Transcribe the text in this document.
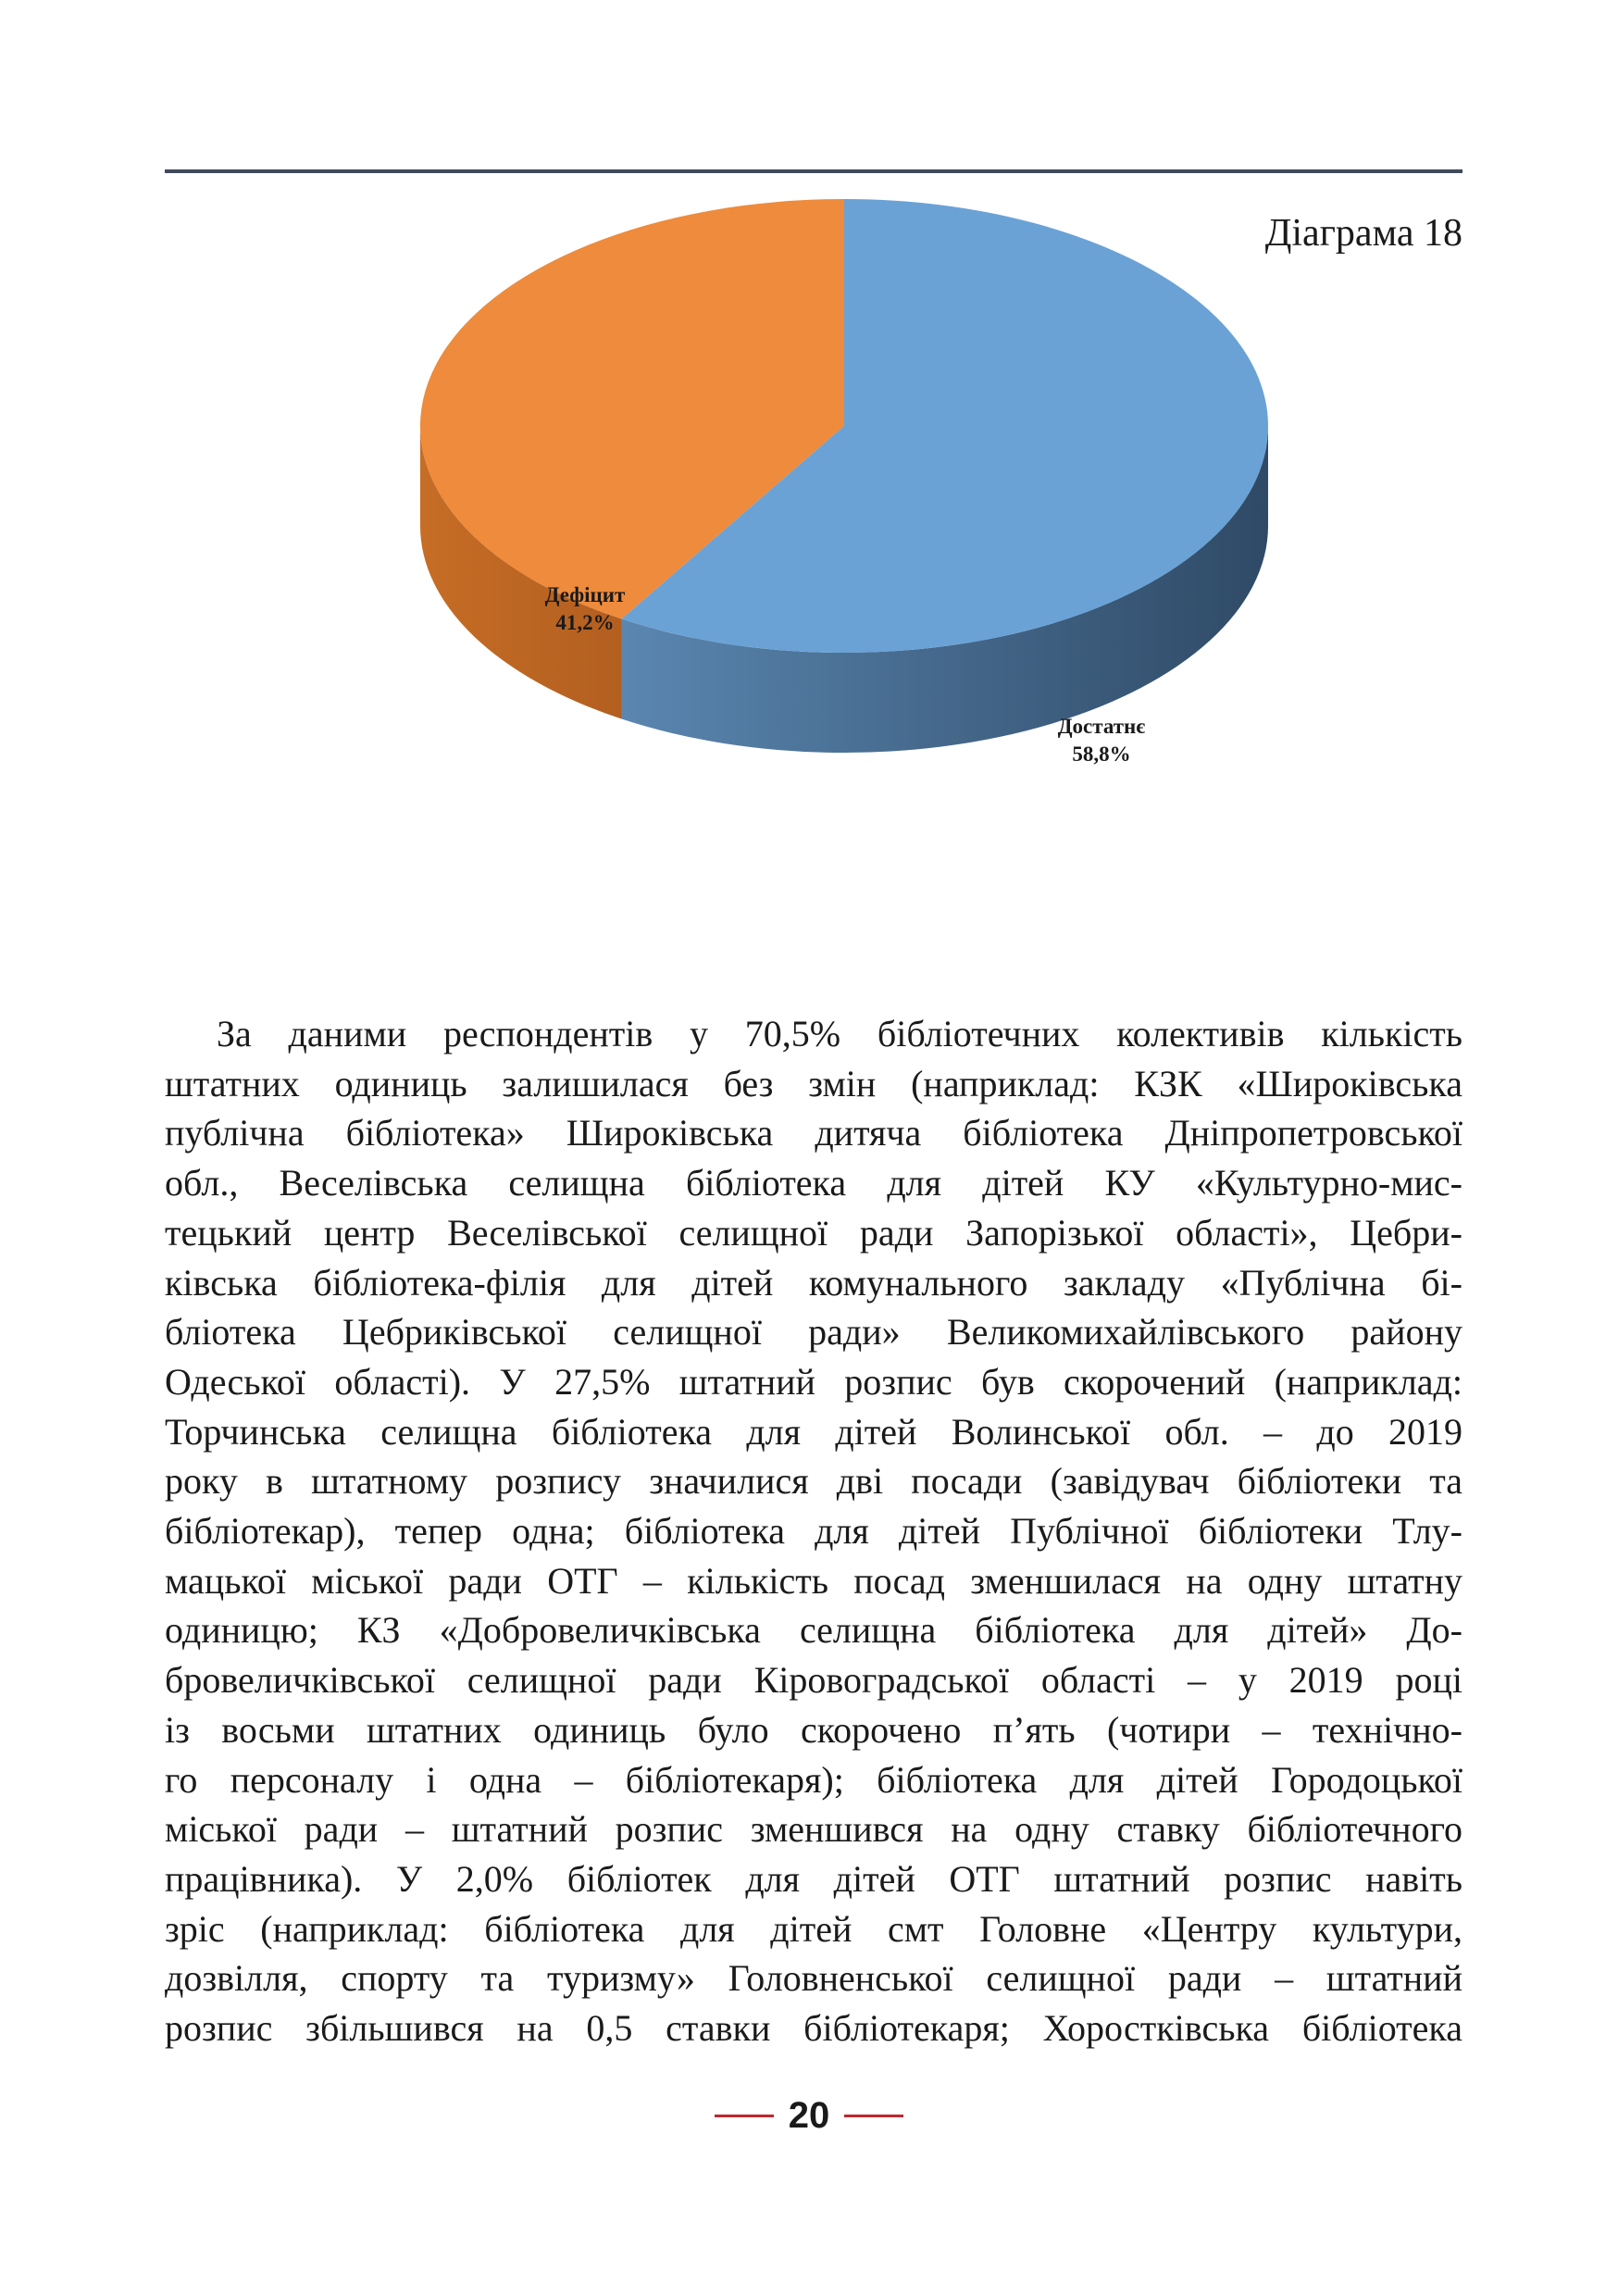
Діаграма 18
Достатнє
58,8%
Дефіцит
41,2%
За даними респондентів у 70,5% бібліотечних колективів кількість
штатних одиниць залишилася без змін (наприклад: КЗК «Широківська
публічна бібліотека» Широківська дитяча бібліотека Дніпропетровської
обл., Веселівська селищна бібліотека для дітей КУ «Культурно-мис-
тецький центр Веселівської селищної ради Запорізької області», Цебри-
ківська бібліотека-філія для дітей комунального закладу «Публічна бі-
бліотека Цебриківської селищної ради» Великомихайлівського району
Одеської області). У 27,5% штатний розпис був скорочений (наприклад:
Торчинська селищна бібліотека для дітей Волинської обл. – до 2019
року в штатному розпису значилися дві посади (завідувач бібліотеки та
бібліотекар), тепер одна; бібліотека для дітей Публічної бібліотеки Тлу-
мацької міської ради ОТГ – кількість посад зменшилася на одну штатну
одиницю; КЗ «Добровеличківська селищна бібліотека для дітей» До-
бровеличківської селищної ради Кіровоградської області – у 2019 році
із восьми штатних одиниць було скорочено п’ять (чотири – технічно-
го персоналу і одна – бібліотекаря); бібліотека для дітей Городоцької
міської ради – штатний розпис зменшився на одну ставку бібліотечного
працівника). У 2,0% бібліотек для дітей ОТГ штатний розпис навіть
зріс (наприклад: бібліотека для дітей смт Головне «Центру культури,
дозвілля, спорту та туризму» Головненської селищної ради – штатний
розпис збільшився на 0,5 ставки бібліотекаря; Хоростківська бібліотека
20
